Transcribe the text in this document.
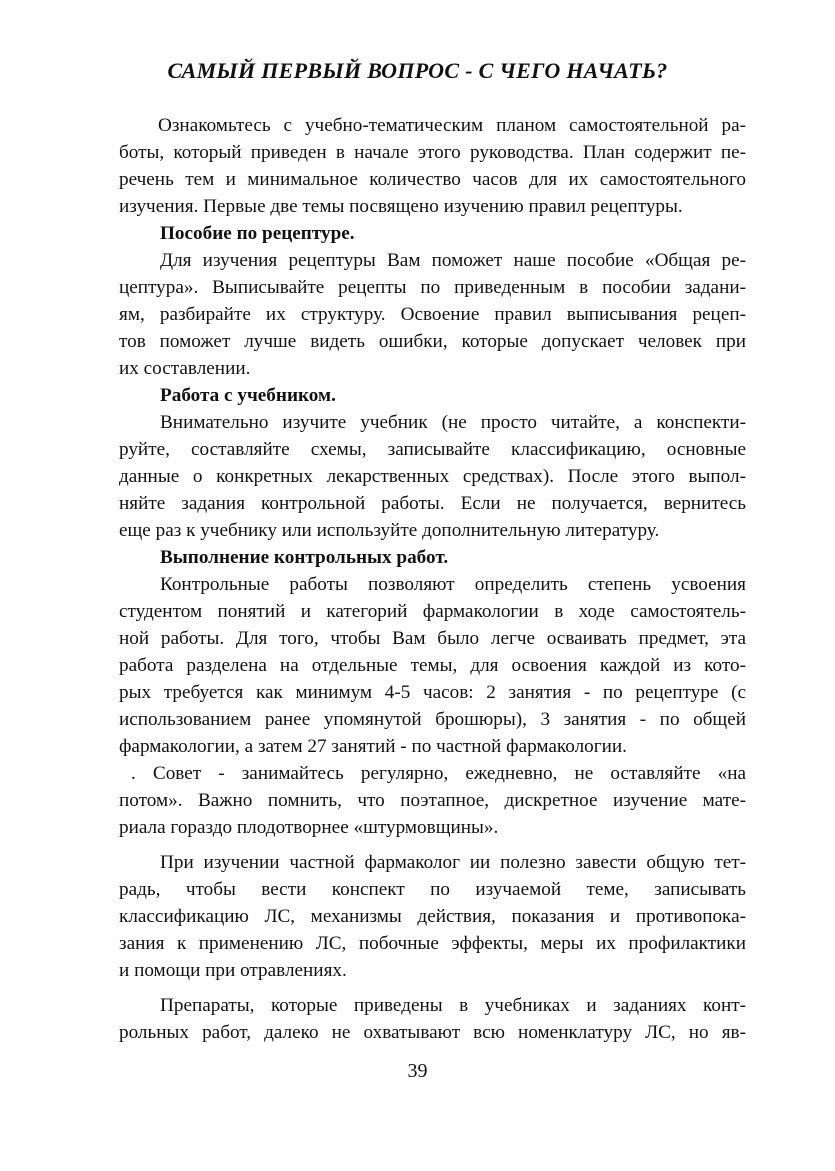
САМЫЙ ПЕРВЫЙ ВОПРОС - С ЧЕГО НАЧАТЬ?
Ознакомьтесь с учебно-тематическим планом самостоятельной ра-
боты, который приведен в начале этого руководства. План содержит пе-
речень тем и минимальное количество часов для их самостоятельного
изучения. Первые две темы посвящено изучению правил рецептуры.
Пособие по рецептуре.
Для изучения рецептуры Вам поможет наше пособие «Общая ре-
цептура». Выписывайте рецепты по приведенным в пособии задани-
ям, разбирайте их структуру. Освоение правил выписывания рецеп-
тов поможет лучше видеть ошибки, которые допускает человек при
их составлении.
Работа с учебником.
Внимательно изучите учебник (не просто читайте, а конспекти-
руйте, составляйте схемы, записывайте классификацию, основные
данные о конкретных лекарственных средствах). После этого выпол-
няйте задания контрольной работы. Если не получается, вернитесь
еще раз к учебнику или используйте дополнительную литературу.
Выполнение контрольных работ.
Контрольные работы позволяют определить степень усвоения
студентом понятий и категорий фармакологии в ходе самостоятель-
ной работы. Для того, чтобы Вам было легче осваивать предмет, эта
работа разделена на отдельные темы, для освоения каждой из кото-
рых требуется как минимум 4-5 часов: 2 занятия - по рецептуре (с
использованием ранее упомянутой брошюры), 3 занятия - по общей
фармакологии, а затем 27 занятий - по частной фармакологии.
. Совет - занимайтесь регулярно, ежедневно, не оставляйте «на
потом». Важно помнить, что поэтапное, дискретное изучение мате-
риала гораздо плодотворнее «штурмовщины».
При изучении частной фармаколог ии полезно завести общую тет-
радь, чтобы вести конспект по изучаемой теме, записывать
классификацию ЛС, механизмы действия, показания и противопока-
зания к применению ЛС, побочные эффекты, меры их профилактики
и помощи при отравлениях.
Препараты, которые приведены в учебниках и заданиях конт-
рольных работ, далеко не охватывают всю номенклатуру ЛС, но яв-
39
